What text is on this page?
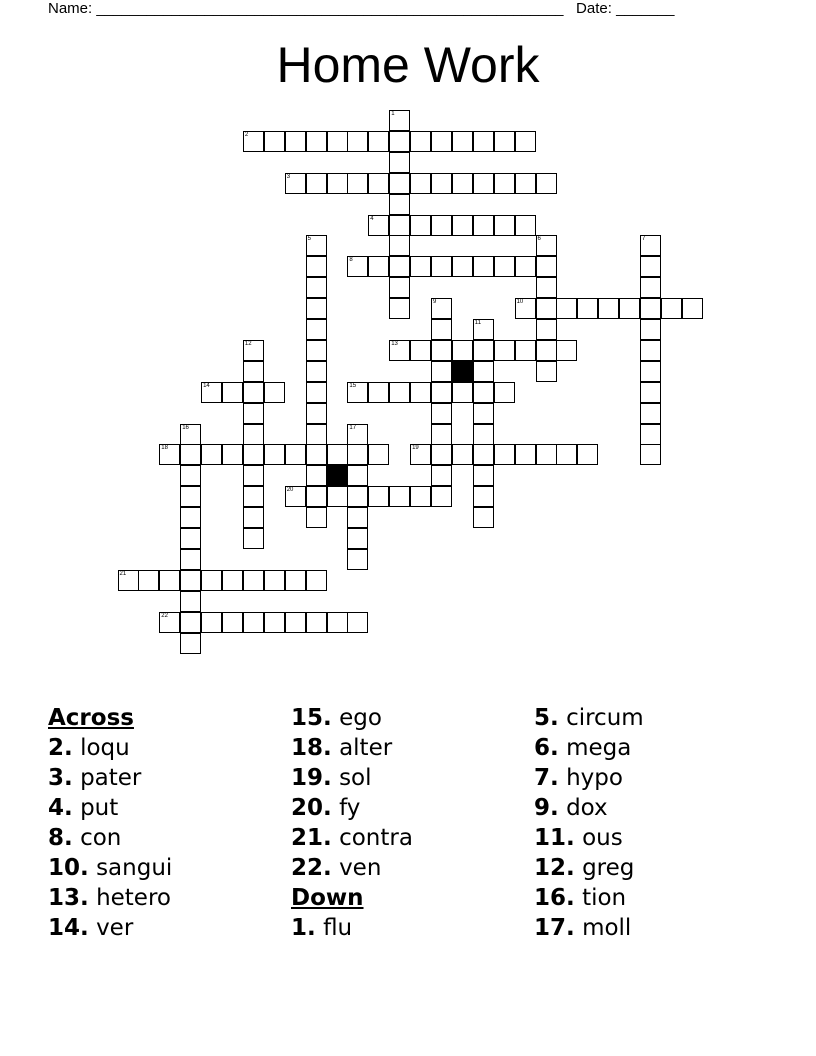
Name: ________________________________________________________ Date: _______
Home Work
1
2
3
4
5	6	7
8
9	10
11
12	13
14	15
16	17
18	19
20
21
22
Across
2. loqu
3. pater
4. put
8. con
10. sangui
13. hetero
14. ver
15. ego
18. alter
19. sol
20. fy
21. contra
22. ven
Down
1. flu
5. circum
6. mega
7. hypo
9. dox
11. ous
12. greg
16. tion
17. moll
